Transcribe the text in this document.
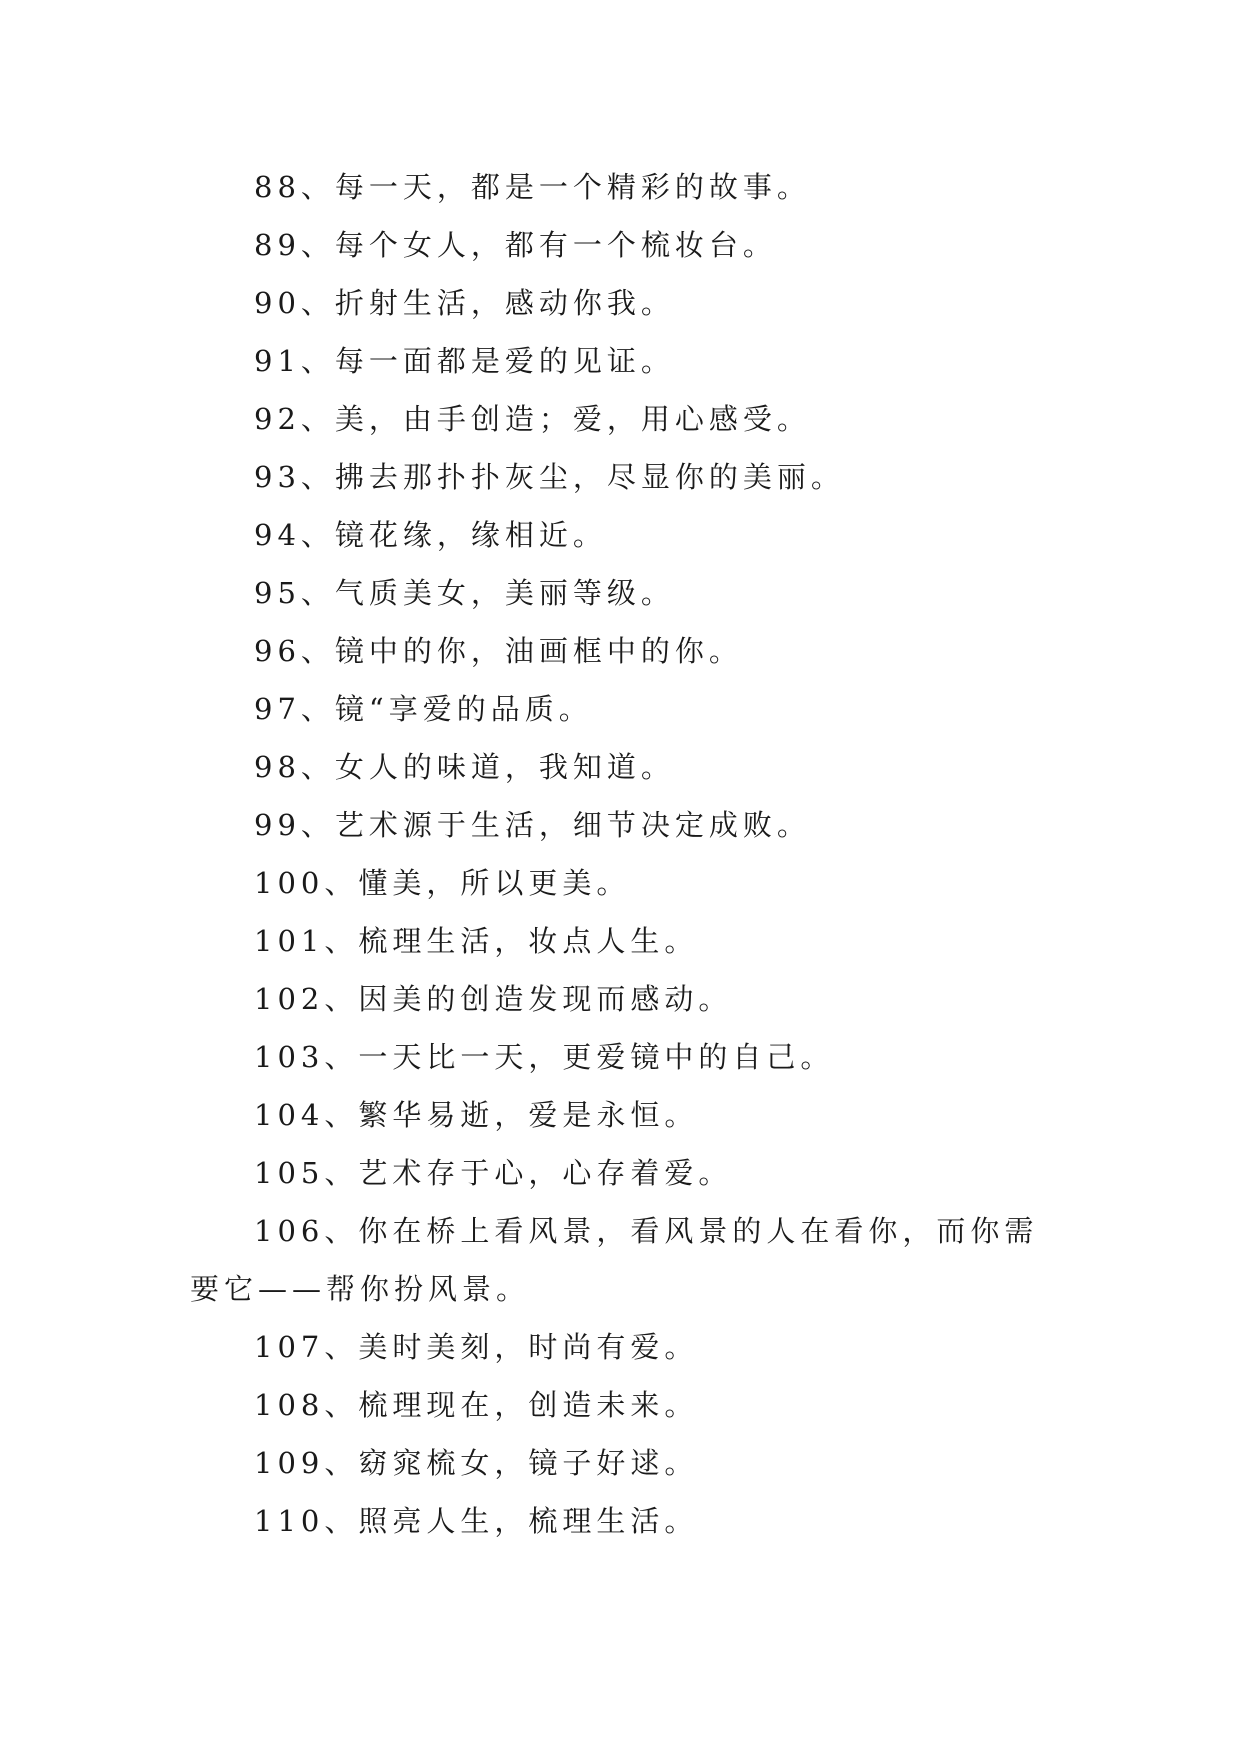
88、每一天，都是一个精彩的故事。

89、每个女人，都有一个梳妆台。

90、折射生活，感动你我。

91、每一面都是爱的见证。

92、美，由手创造；爱，用心感受。

93、拂去那扑扑灰尘，尽显你的美丽。

94、镜花缘，缘相近。

95、气质美女，美丽等级。

96、镜中的你，油画框中的你。

97、镜“享爱的品质。

98、女人的味道，我知道。

99、艺术源于生活，细节决定成败。

100、懂美，所以更美。

101、梳理生活，妆点人生。

102、因美的创造发现而感动。

103、一天比一天，更爱镜中的自己。

104、繁华易逝，爱是永恒。

105、艺术存于心，心存着爱。

106、你在桥上看风景，看风景的人在看你，而你需要它——帮你扮风景。

107、美时美刻，时尚有爱。

108、梳理现在，创造未来。

109、窈窕梳女，镜子好逑。

110、照亮人生，梳理生活。
